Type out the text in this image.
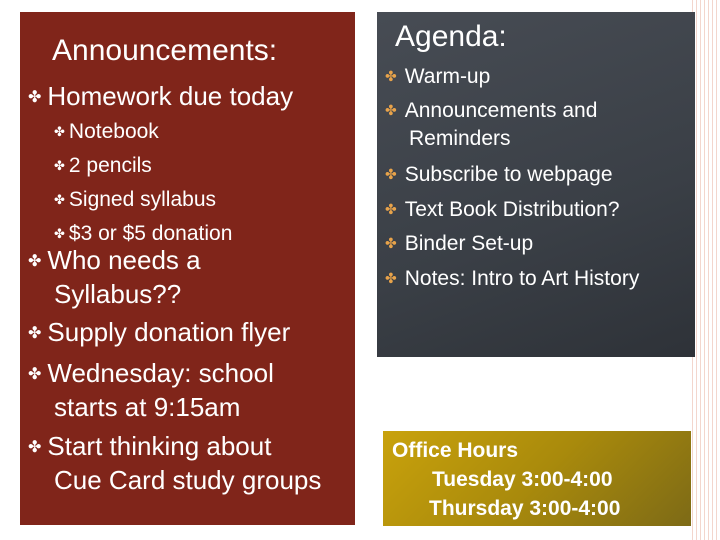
Announcements:
✤ Homework due today
✤ Notebook
✤ 2 pencils
✤ Signed syllabus
✤ $3 or $5 donation
✤ Who needs a
Syllabus??
✤ Supply donation flyer
✤ Wednesday: school
starts at 9:15am
✤ Start thinking about
Cue Card study groups
Agenda:
✤ Warm-up
✤ Announcements and
Reminders
✤ Subscribe to webpage
✤ Text Book Distribution?
✤ Binder Set-up
✤ Notes: Intro to Art History
Office Hours
Tuesday 3:00-4:00
Thursday 3:00-4:00
